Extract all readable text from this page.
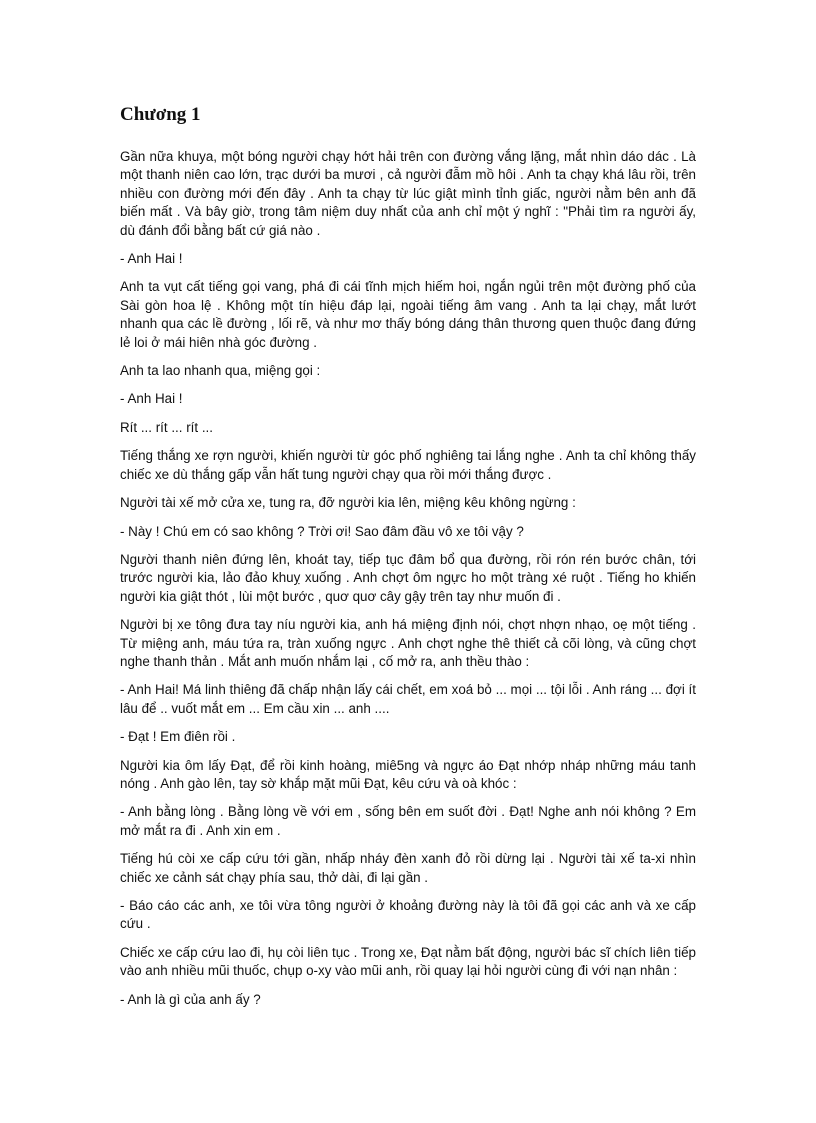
Chương 1

Gần nữa khuya, một bóng người chạy hớt hải trên con đường vắng lặng, mắt nhìn dáo dác . Là một thanh niên cao lớn, trạc dưới ba mươi , cả người đẫm mồ hôi . Anh ta chạy khá lâu rồi, trên nhiều con đường mới đến đây . Anh ta chạy từ lúc giật mình tỉnh giấc, người nằm bên anh đã biến mất . Và bây giờ, trong tâm niệm duy nhất của anh chỉ một ý nghĩ : "Phải tìm ra người ấy, dù đánh đổi bằng bất cứ giá nào .

- Anh Hai !

Anh ta vụt cất tiếng gọi vang, phá đi cái tĩnh mịch hiếm hoi, ngắn ngủi trên một đường phố của Sài gòn hoa lệ . Không một tín hiệu đáp lại, ngoài tiếng âm vang . Anh ta lại chạy, mắt lướt nhanh qua các lề đường , lối rẽ, và như mơ thấy bóng dáng thân thương quen thuộc đang đứng lẻ loi ở mái hiên nhà góc đường .

Anh ta lao nhanh qua, miệng gọi :

- Anh Hai !

Rít ... rít ... rít ...

Tiếng thắng xe rợn người, khiến người từ góc phố nghiêng tai lắng nghe . Anh ta chỉ không thấy chiếc xe dù thắng gấp vẫn hất tung người chạy qua rồi mới thắng được .

Người tài xế mở cửa xe, tung ra, đỡ người kia lên, miệng kêu không ngừng :

- Này ! Chú em có sao không ? Trời ơi! Sao đâm đầu vô xe tôi vậy ?

Người thanh niên đứng lên, khoát tay, tiếp tục đâm bổ qua đường, rồi rón rén bước chân, tới trước người kia, lảo đảo khuỵ xuống . Anh chợt ôm ngực ho một tràng xé ruột . Tiếng ho khiến người kia giật thót , lùi một bước , quơ quơ cây gậy trên tay như muốn đi .

Người bị xe tông đưa tay níu người kia, anh há miệng định nói, chợt nhợn nhạo, oẹ một tiếng . Từ miệng anh, máu tứa ra, tràn xuống ngực . Anh chợt nghe thê thiết cả cõi lòng, và cũng chợt nghe thanh thản . Mắt anh muốn nhắm lại , cố mở ra, anh thều thào :

- Anh Hai! Má linh thiêng đã chấp nhận lấy cái chết, em xoá bỏ ... mọi ... tội lỗi . Anh ráng ... đợi ít lâu để .. vuốt mắt em ... Em cầu xin ... anh ....

- Đạt ! Em điên rồi .

Người kia ôm lấy Đạt, để rồi kinh hoàng, miê5ng và ngực áo Đạt nhớp nháp những máu tanh nóng . Anh gào lên, tay sờ khắp mặt mũi Đạt, kêu cứu và oà khóc :

- Anh bằng lòng . Bằng lòng về với em , sống bên em suốt đời . Đạt! Nghe anh nói không ? Em mở mắt ra đi . Anh xin em .

Tiếng hú còi xe cấp cứu tới gần, nhấp nháy đèn xanh đỏ rồi dừng lại . Người tài xế ta-xi nhìn chiếc xe cảnh sát chạy phía sau, thở dài, đi lại gần .

- Báo cáo các anh, xe tôi vừa tông người ở khoảng đường này là tôi đã gọi các anh và xe cấp cứu .

Chiếc xe cấp cứu lao đi, hụ còi liên tục . Trong xe, Đạt nằm bất động, người bác sĩ chích liên tiếp vào anh nhiều mũi thuốc, chụp o-xy vào mũi anh, rồi quay lại hỏi người cùng đi với nạn nhân :

- Anh là gì của anh ấy ?
